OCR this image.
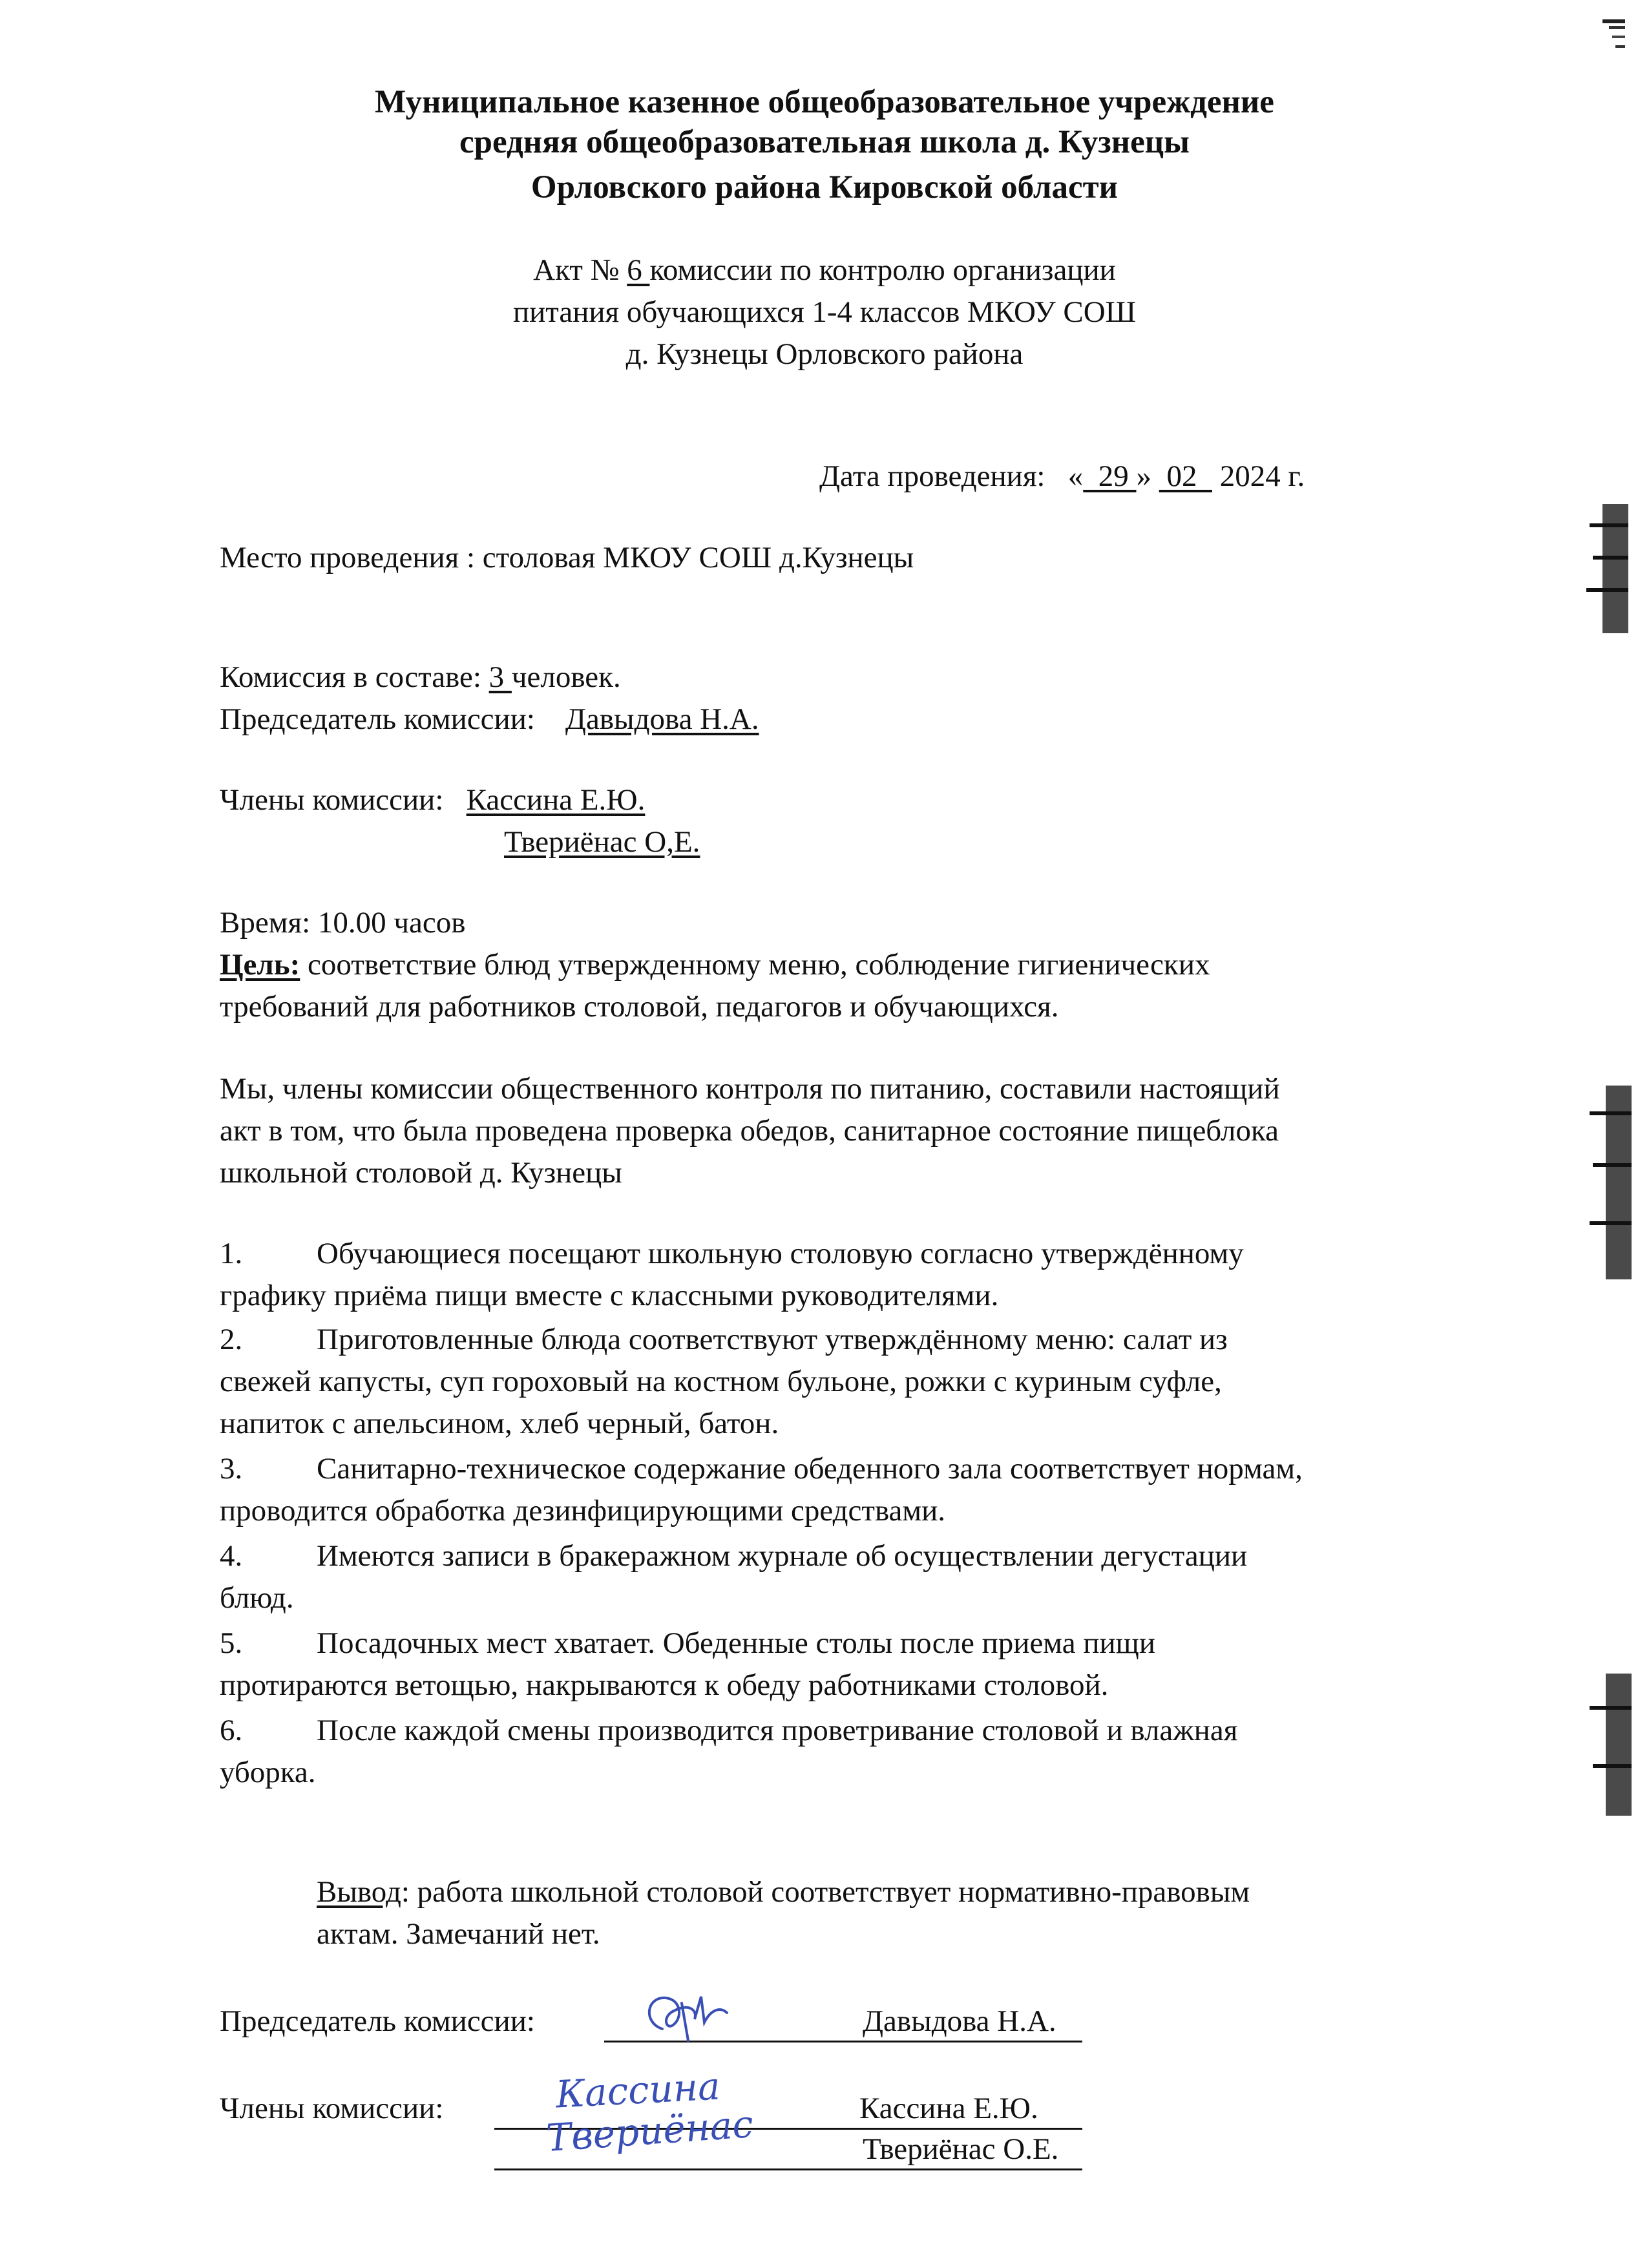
Муниципальное казенное общеобразовательное учреждение
средняя общеобразовательная школа д. Кузнецы
Орловского района Кировской области
Акт № 6 комиссии по контролю организации
питания обучающихся 1-4 классов МКОУ СОШ
д. Кузнецы Орловского района
Дата проведения: «  29 »  02   2024 г.
Место проведения : столовая МКОУ СОШ д.Кузнецы
Комиссия в составе: 3 человек.
Председатель комиссии: Давыдова Н.А.
Члены комиссии: Кассина Е.Ю.
Твериёнас О,Е.
Время: 10.00 часов
Цель: соответствие блюд утвержденному меню, соблюдение гигиенических
требований для работников столовой, педагогов и обучающихся.
Мы, члены комиссии общественного контроля по питанию, составили настоящий
акт в том, что была проведена проверка обедов, санитарное состояние пищеблока
школьной столовой д. Кузнецы
1. Обучающиеся посещают школьную столовую согласно утверждённому
графику приёма пищи вместе с классными руководителями.
2. Приготовленные блюда соответствуют утверждённому меню: салат из
свежей капусты, суп гороховый на костном бульоне, рожки с куриным суфле,
напиток с апельсином, хлеб черный, батон.
3. Санитарно-техническое содержание обеденного зала соответствует нормам,
проводится обработка дезинфицирующими средствами.
4. Имеются записи в бракеражном журнале об осуществлении дегустации
блюд.
5. Посадочных мест хватает. Обеденные столы после приема пищи
протираются ветощью, накрываются к обеду работниками столовой.
6. После каждой смены производится проветривание столовой и влажная
уборка.
Вывод: работа школьной столовой соответствует нормативно-правовым
актам. Замечаний нет.
Председатель комиссии:	Давыдова Н.А.
Члены комиссии:	Кассина	Кассина Е.Ю.
Твериёнас	Твериёнас О.Е.
